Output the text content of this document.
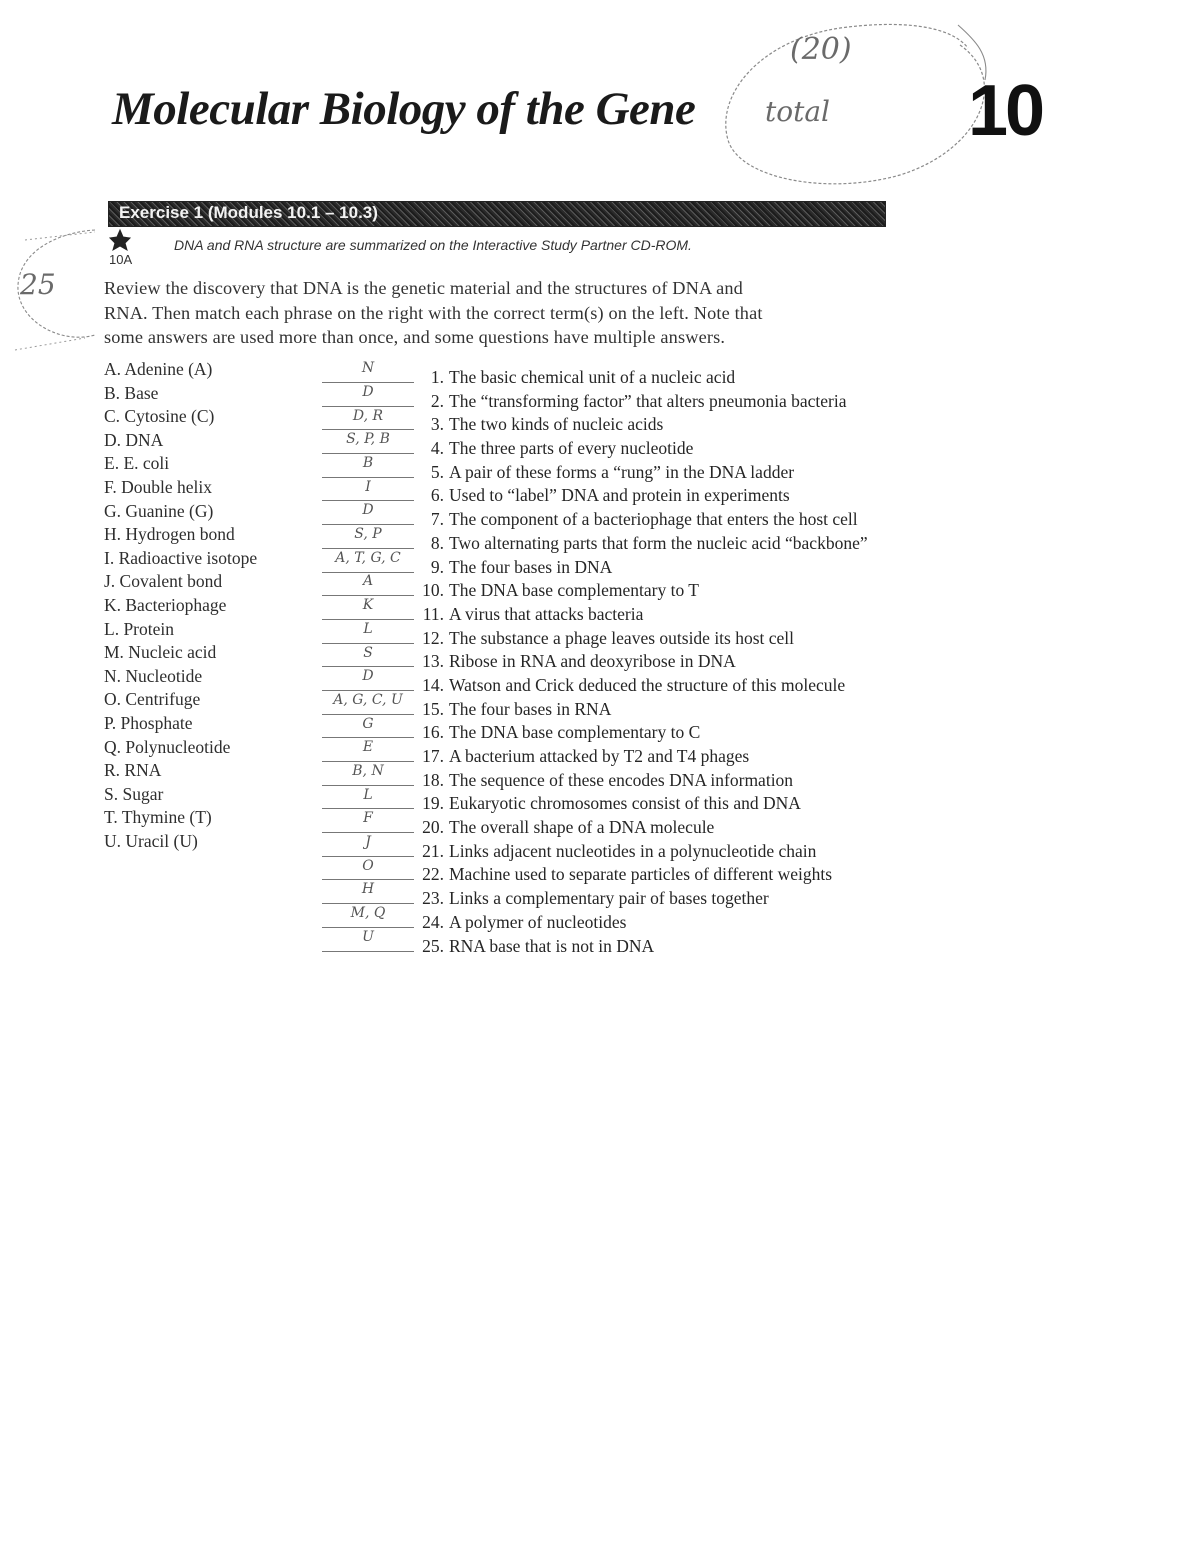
Molecular Biology of the Gene
(20)
total 10
Exercise 1 (Modules 10.1 – 10.3)
10A
DNA and RNA structure are summarized on the Interactive Study Partner CD-ROM.
25	Review the discovery that DNA is the genetic material and the structures of DNA and

RNA. Then match each phrase on the right with the correct term(s) on the left. Note that

some answers are used more than once, and some questions have multiple answers.

A. Adenine (A)
B. Base
C. Cytosine (C)
D. DNA
E. E. coli
F. Double helix
G. Guanine (G)
H. Hydrogen bond
I. Radioactive isotope
J. Covalent bond
K. Bacteriophage
L. Protein
M. Nucleic acid
N. Nucleotide
O. Centrifuge
P. Phosphate
Q. Polynucleotide
R. RNA
S. Sugar
T. Thymine (T)
U. Uracil (U)
N	1. The basic chemical unit of a nucleic acid
D	2. The “transforming factor” that alters pneumonia bacteria
D, R	3. The two kinds of nucleic acids
S, P, B	4. The three parts of every nucleotide
B	5. A pair of these forms a “rung” in the DNA ladder
I	6. Used to “label” DNA and protein in experiments
D	7. The component of a bacteriophage that enters the host cell
S, P	8. Two alternating parts that form the nucleic acid “backbone”
A, T, G, C	9. The four bases in DNA
A	10. The DNA base complementary to T
K	11. A virus that attacks bacteria
L	12. The substance a phage leaves outside its host cell
S	13. Ribose in RNA and deoxyribose in DNA
D	14. Watson and Crick deduced the structure of this molecule
A, G, C, U	15. The four bases in RNA
G	16. The DNA base complementary to C
E	17. A bacterium attacked by T2 and T4 phages
B, N	18. The sequence of these encodes DNA information
L	19. Eukaryotic chromosomes consist of this and DNA
F	20. The overall shape of a DNA molecule
J	21. Links adjacent nucleotides in a polynucleotide chain
O	22. Machine used to separate particles of different weights
H	23. Links a complementary pair of bases together
M, Q	24. A polymer of nucleotides
U	25. RNA base that is not in DNA
